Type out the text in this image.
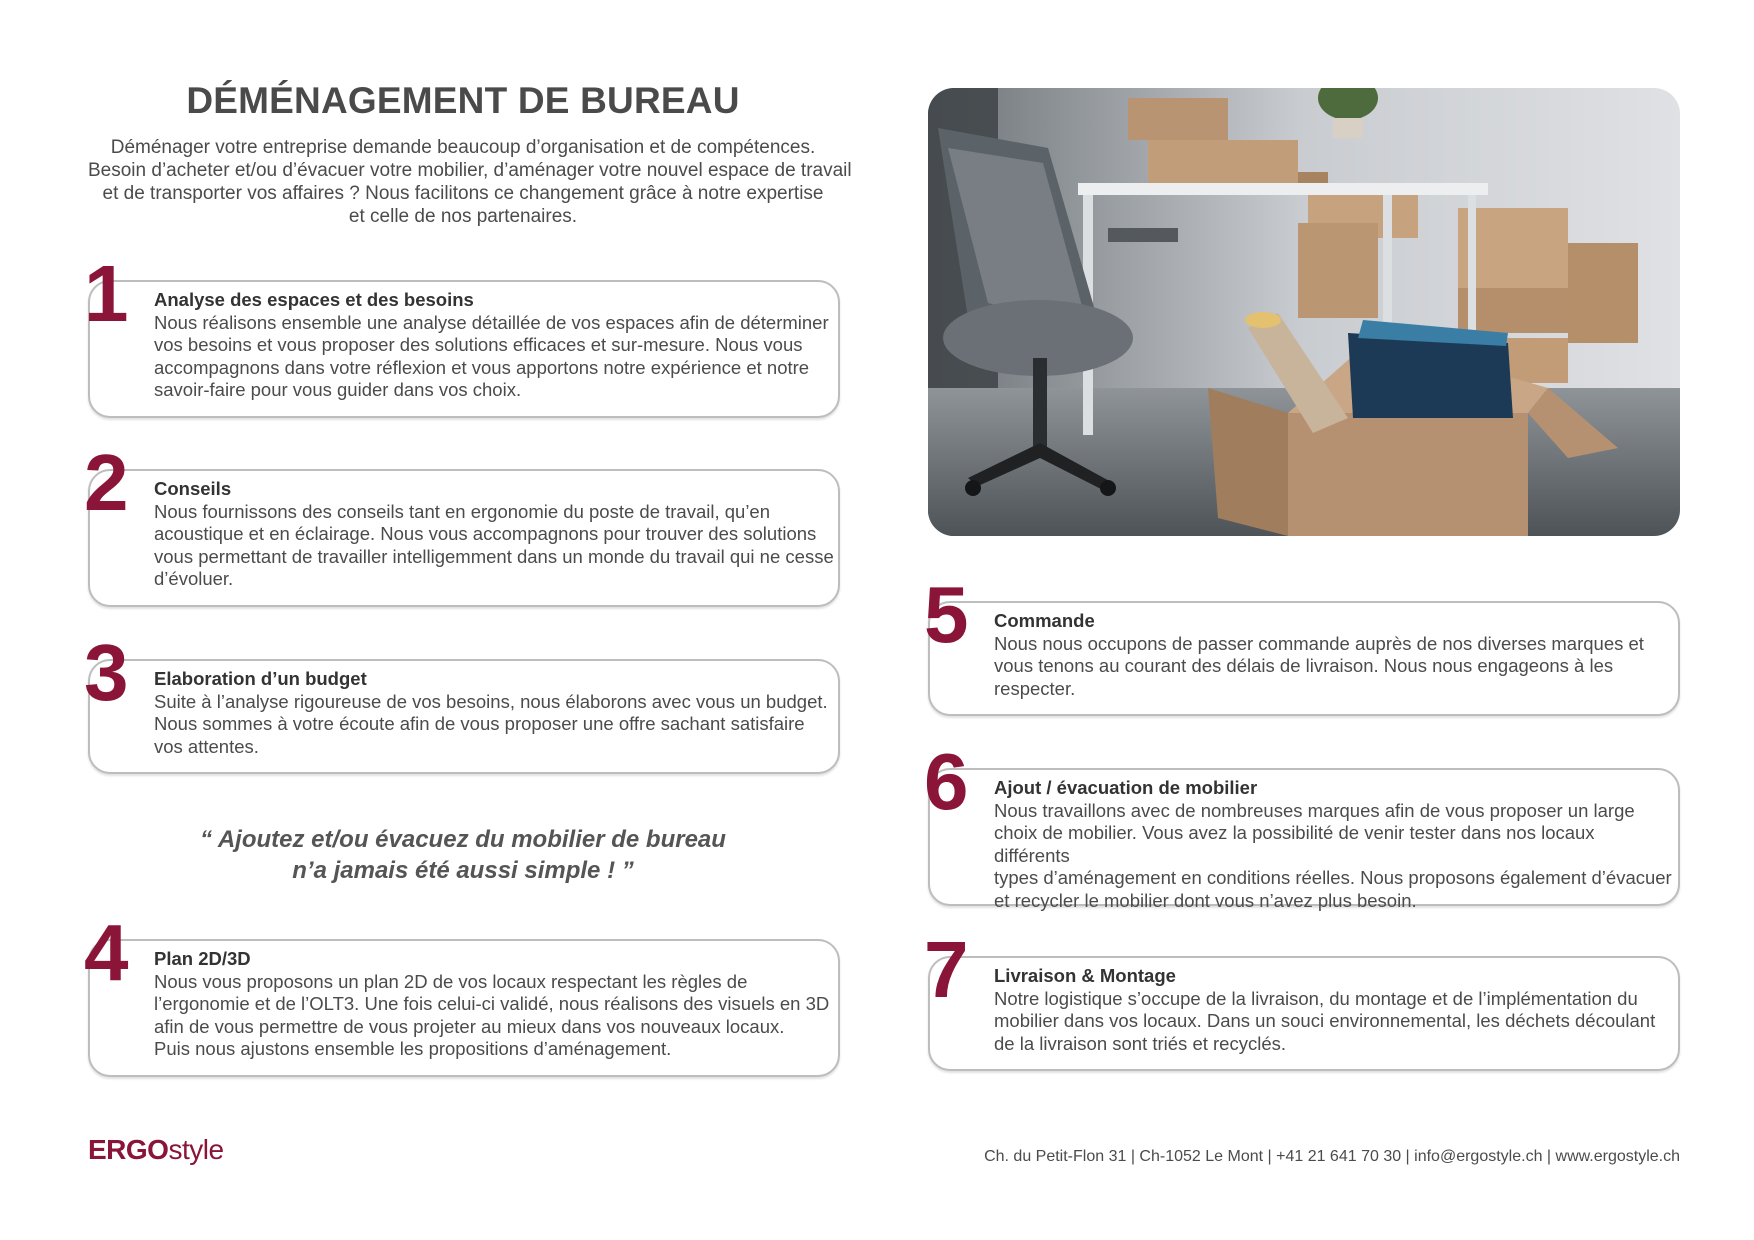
DÉMÉNAGEMENT DE BUREAU
Déménager votre entreprise demande beaucoup d’organisation et de compétences.
Besoin d’acheter et/ou d’évacuer votre mobilier, d’aménager votre nouvel espace de travail
et de transporter vos affaires ? Nous facilitons ce changement grâce à notre expertise
et celle de nos partenaires.
1 Analyse des espaces et des besoins
Nous réalisons ensemble une analyse détaillée de vos espaces afin de déterminer
vos besoins et vous proposer des solutions efficaces et sur-mesure. Nous vous
accompagnons dans votre réflexion et vous apportons notre expérience et notre
savoir-faire pour vous guider dans vos choix.
2 Conseils
Nous fournissons des conseils tant en ergonomie du poste de travail, qu’en
acoustique et en éclairage. Nous vous accompagnons pour trouver des solutions
vous permettant de travailler intelligemment dans un monde du travail qui ne cesse
d’évoluer.
3 Elaboration d’un budget
Suite à l’analyse rigoureuse de vos besoins, nous élaborons avec vous un budget.
Nous sommes à votre écoute afin de vous proposer une offre sachant satisfaire
vos attentes.
“ Ajoutez et/ou évacuez du mobilier de bureau
n’a jamais été aussi simple ! ”
4 Plan 2D/3D
Nous vous proposons un plan 2D de vos locaux respectant les règles de
l’ergonomie et de l’OLT3. Une fois celui-ci validé, nous réalisons des visuels en 3D
afin de vous permettre de vous projeter au mieux dans vos nouveaux locaux.
Puis nous ajustons ensemble les propositions d’aménagement.
5 Commande
Nous nous occupons de passer commande auprès de nos diverses marques et
vous tenons au courant des délais de livraison. Nous nous engageons à les
respecter.
6 Ajout / évacuation de mobilier
Nous travaillons avec de nombreuses marques afin de vous proposer un large
choix de mobilier. Vous avez la possibilité de venir tester dans nos locaux différents
types d’aménagement en conditions réelles. Nous proposons également d’évacuer
et recycler le mobilier dont vous n’avez plus besoin.
7 Livraison & Montage
Notre logistique s’occupe de la livraison, du montage et de l’implémentation du
mobilier dans vos locaux. Dans un souci environnemental, les déchets découlant
de la livraison sont triés et recyclés.
ERGOstyle	Ch. du Petit-Flon 31 | Ch-1052 Le Mont | +41 21 641 70 30 | info@ergostyle.ch | www.ergostyle.ch
